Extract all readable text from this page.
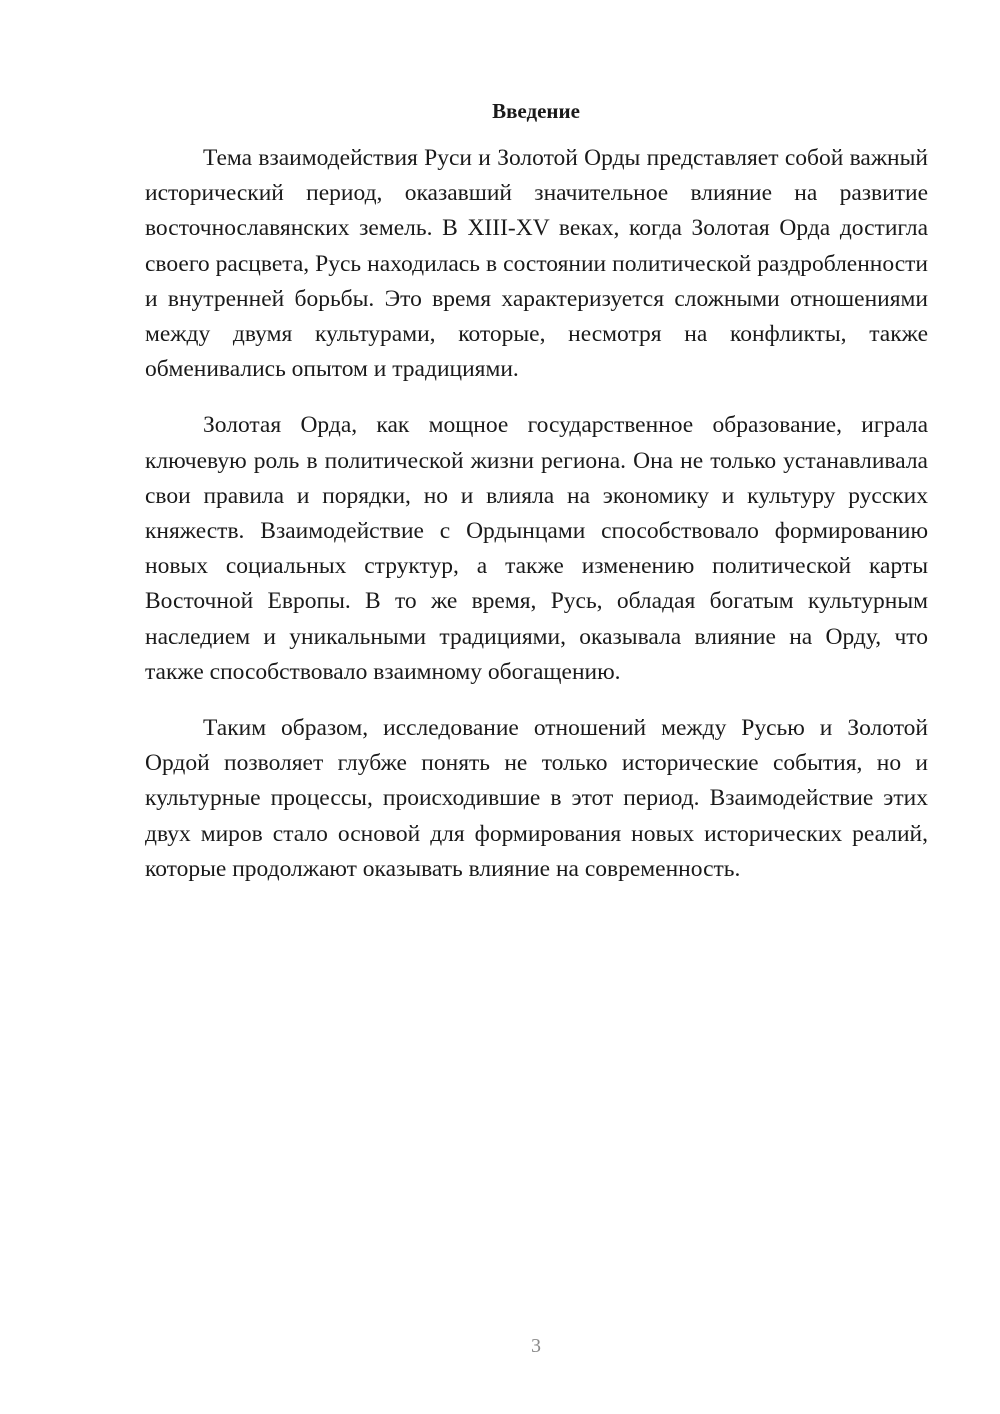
Введение

Тема взаимодействия Руси и Золотой Орды представляет собой важный исторический период, оказавший значительное влияние на развитие восточнославянских земель. В XIII-XV веках, когда Золотая Орда достигла своего расцвета, Русь находилась в состоянии политической раздробленности и внутренней борьбы. Это время характеризуется сложными отношениями между двумя культурами, которые, несмотря на конфликты, также обменивались опытом и традициями.

Золотая Орда, как мощное государственное образование, играла ключевую роль в политической жизни региона. Она не только устанавливала свои правила и порядки, но и влияла на экономику и культуру русских княжеств. Взаимодействие с Ордынцами способствовало формированию новых социальных структур, а также изменению политической карты Восточной Европы. В то же время, Русь, обладая богатым культурным наследием и уникальными традициями, оказывала влияние на Орду, что также способствовало взаимному обогащению.

Таким образом, исследование отношений между Русью и Золотой Ордой позволяет глубже понять не только исторические события, но и культурные процессы, происходившие в этот период. Взаимодействие этих двух миров стало основой для формирования новых исторических реалий, которые продолжают оказывать влияние на современность.

3
